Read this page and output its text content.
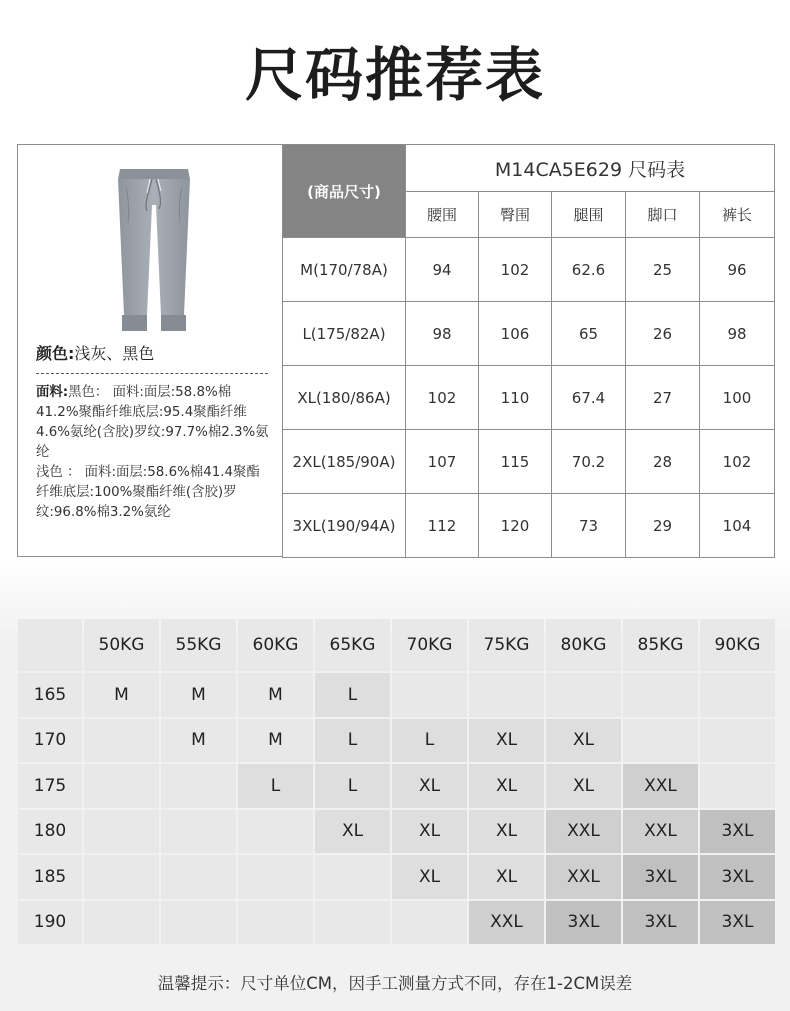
尺码推荐表
颜色:浅灰、黑色
面料:黑色： 面料:面层:58.8%棉41.2%聚酯纤维底层:95.4聚酯纤维4.6%氨纶(含胶)罗纹:97.7%棉2.3%氨纶
浅色 ： 面料:面层:58.6%棉41.4聚酯纤维底层:100%聚酯纤维(含胶)罗纹:96.8%棉3.2%氨纶
(商品尺寸)	M14CA5E629 尺码表				
	腰围	臀围	腿围	脚口	裤长
M(170/78A)	94	102	62.6	25	96
L(175/82A)	98	106	65	26	98
XL(180/86A)	102	110	67.4	27	100
2XL(185/90A)	107	115	70.2	28	102
3XL(190/94A)	112	120	73	29	104
	50KG	55KG	60KG	65KG	70KG	75KG	80KG	85KG	90KG
165	M	M	M	L					
170		M	M	L	L	XL	XL		
175			L	L	XL	XL	XL	XXL	
180				XL	XL	XL	XXL	XXL	3XL
185					XL	XL	XXL	3XL	3XL
190						XXL	3XL	3XL	3XL
温馨提示：尺寸单位CM，因手工测量方式不同，存在1-2CM误差
